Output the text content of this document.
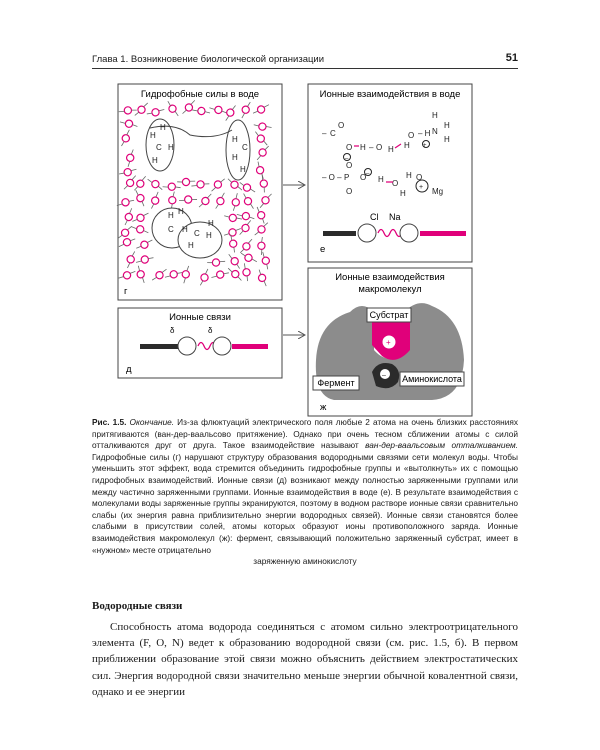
Глава 1. Возникновение биологической организации	51
Гидрофобные силы в воде
г
H
H
C H
H
H
C
H
H
H H
C H C H
H
H
Ионные взаимодействия в воде
– C
O
O
–
H – O H
O – H
H
H
N
H
H
+
– O – P
O
O
O –
H O
H
H O
+ Mg
Cl Na
е
Ионные связи
δ	δ
д
Ионные взаимодействия
макромолекул
+
–
Субстрат
Фермент	Аминокислота
ж
Рис. 1.5. Окончание. Из-за флюктуаций электрического поля любые 2 атома на очень близких расстояниях притягиваются (ван-дер-ваальсово притяжение). Однако при очень тесном сближении атомы с силой отталкиваются друг от друга. Такое взаимодействие называют ван-дер-ваальсовым отталкиванием. Гидрофобные силы (г) нарушают структуру образования водородными связями сети молекул воды. Чтобы уменьшить этот эффект, вода стремится объединить гидрофобные группы и «вытолкнуть» их с помощью гидрофобных взаимодействий. Ионные связи (д) возникают между полностью заряженными группами или между частично заряженными группами. Ионные взаимодействия в воде (е). В результате взаимодействия с молекулами воды заряженные группы экранируются, поэтому в водном растворе ионные связи сравнительно слабы (их энергия равна приблизительно энергии водородных связей). Ионные связи становятся более слабыми в присутствии солей, атомы которых образуют ионы противоположного заряда. Ионные взаимодействия макромолекул (ж): фермент, связывающий положительно заряженный субстрат, имеет в «нужном» месте отрицательно
заряженную аминокислоту
Водородные связи
Способность атома водорода соединяться с атомом сильно электроотрицательного элемента (F, O, N) ведет к образованию водородной связи (см. рис. 1.5, б). В первом приближении образование этой связи можно объяснить действием электростатических сил. Энергия водородной связи значительно меньше энергии обычной ковалентной связи, однако и ее энергии
